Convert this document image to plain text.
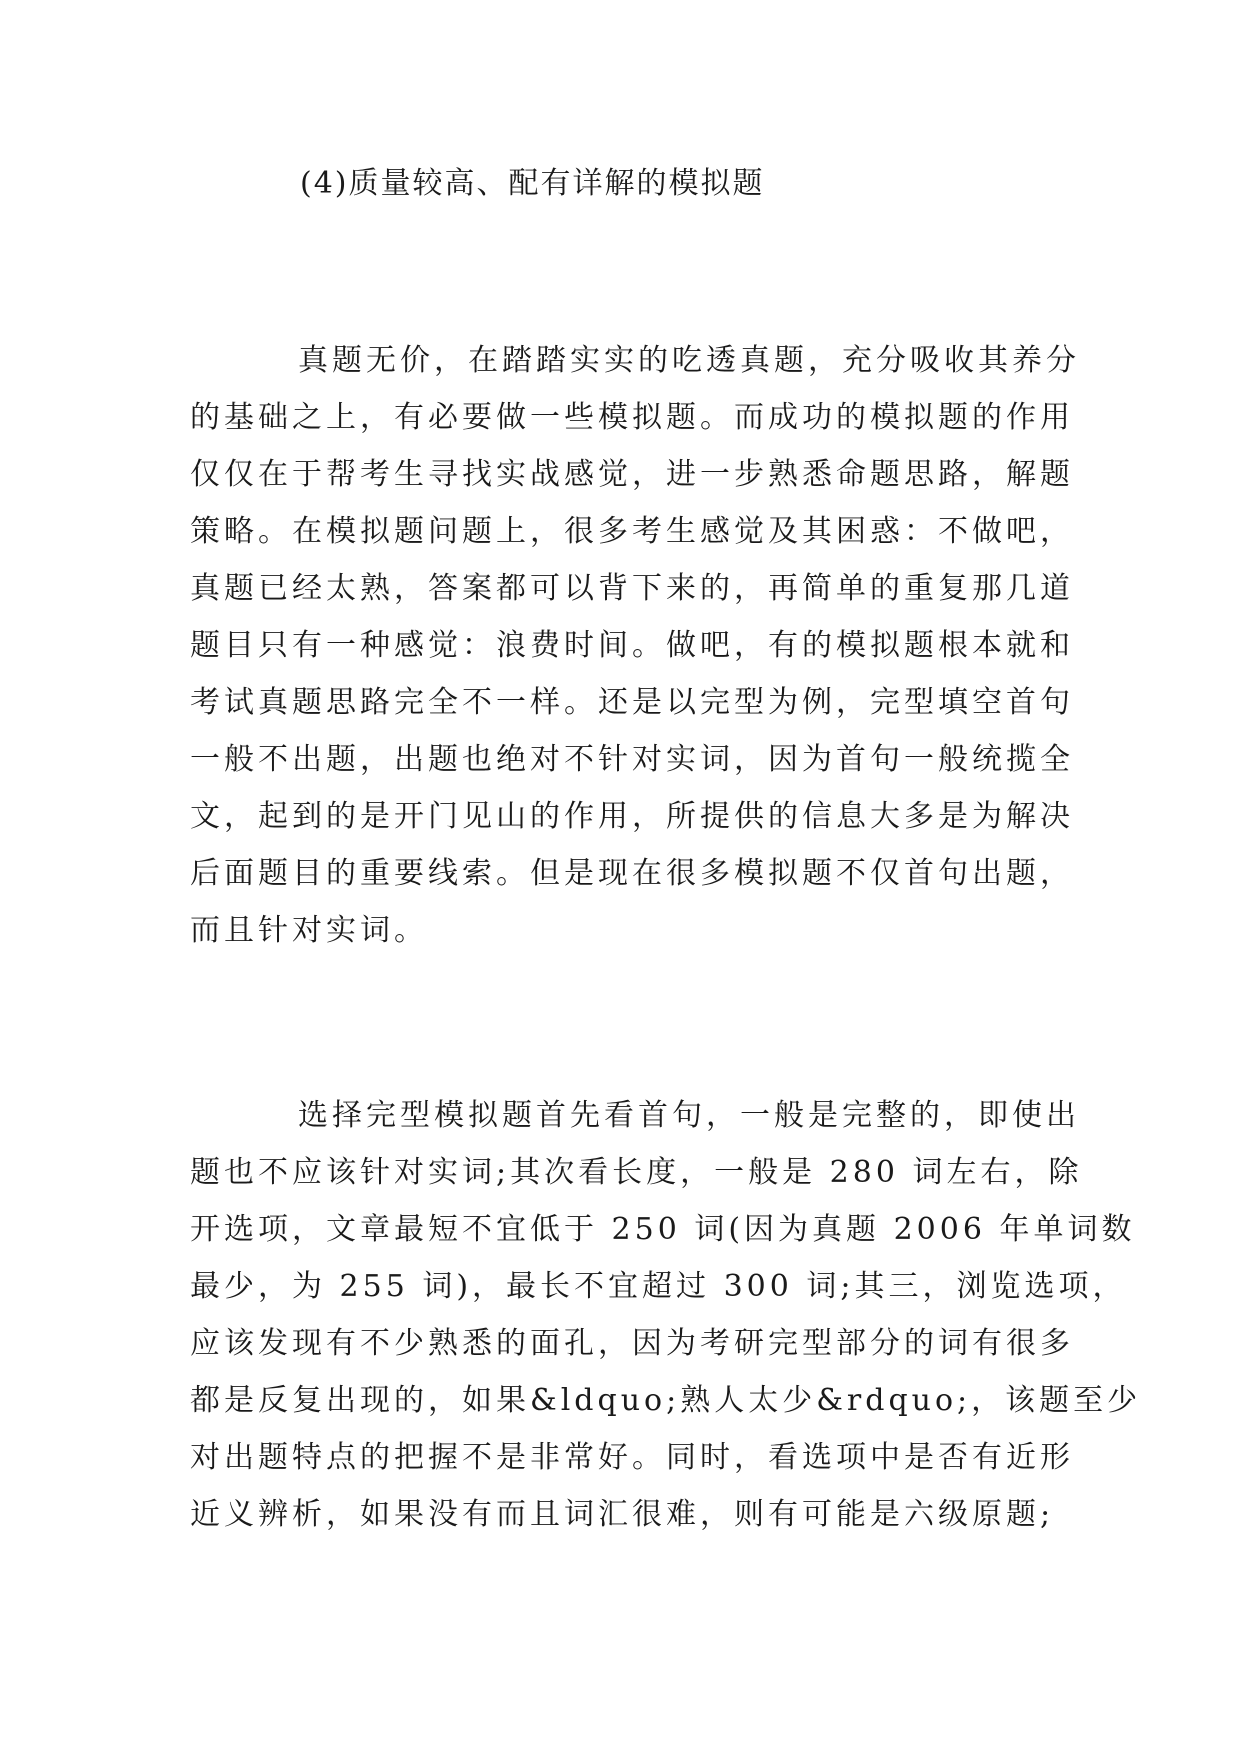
(4)质量较高、配有详解的模拟题
真题无价，在踏踏实实的吃透真题，充分吸收其养分
的基础之上，有必要做一些模拟题。而成功的模拟题的作用
仅仅在于帮考生寻找实战感觉，进一步熟悉命题思路，解题
策略。在模拟题问题上，很多考生感觉及其困惑：不做吧，
真题已经太熟，答案都可以背下来的，再简单的重复那几道
题目只有一种感觉：浪费时间。做吧，有的模拟题根本就和
考试真题思路完全不一样。还是以完型为例，完型填空首句
一般不出题，出题也绝对不针对实词，因为首句一般统揽全
文，起到的是开门见山的作用，所提供的信息大多是为解决
后面题目的重要线索。但是现在很多模拟题不仅首句出题，
而且针对实词。
选择完型模拟题首先看首句，一般是完整的，即使出
题也不应该针对实词;其次看长度，一般是 280 词左右，除
开选项，文章最短不宜低于 250 词(因为真题 2006 年单词数
最少，为 255 词)，最长不宜超过 300 词;其三，浏览选项，
应该发现有不少熟悉的面孔，因为考研完型部分的词有很多
都是反复出现的，如果&ldquo;熟人太少&rdquo;，该题至少
对出题特点的把握不是非常好。同时，看选项中是否有近形
近义辨析，如果没有而且词汇很难，则有可能是六级原题;
